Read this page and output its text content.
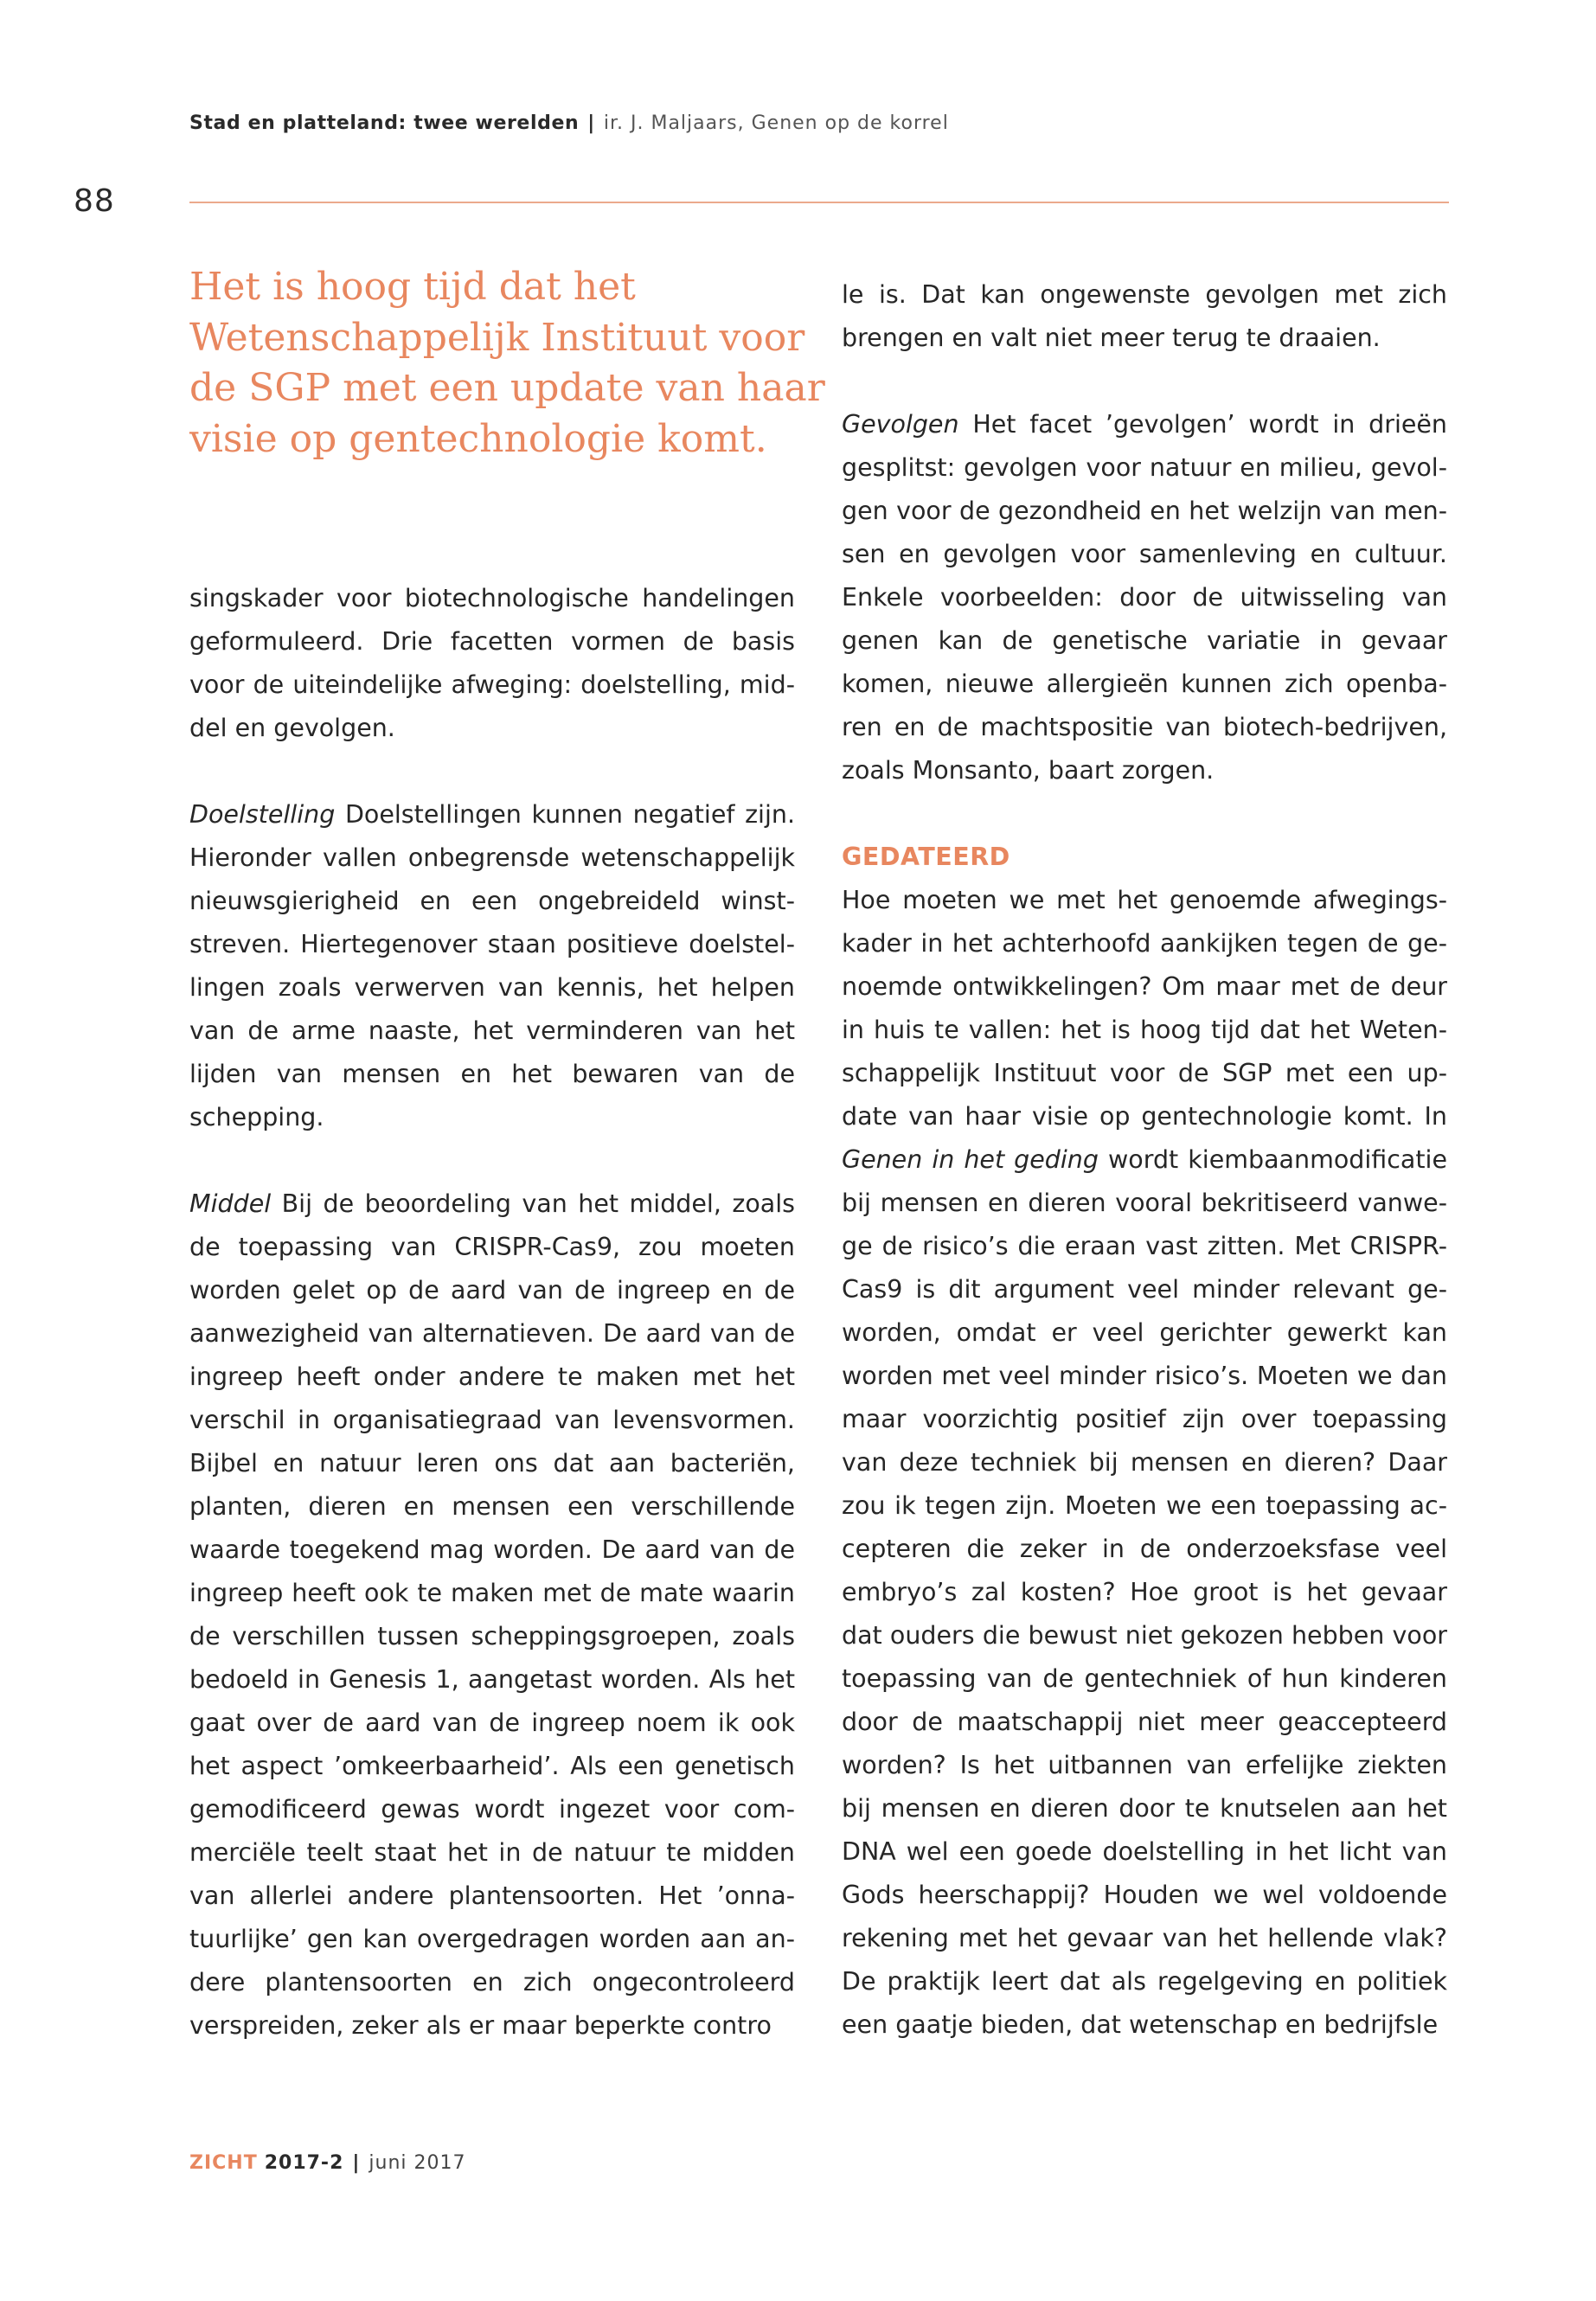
Stad en platteland: twee werelden | ir. J. Maljaars, Genen op de korrel
88
Het is hoog tijd dat het Wetenschappelijk Instituut voor de SGP met een update van haar visie op gentechnologie komt.

singskader voor biotechnologische handelingen geformuleerd. Drie facetten vormen de basis voor de uiteindelijke afweging: doelstelling, middel en gevolgen.

Doelstelling Doelstellingen kunnen negatief zijn. Hieronder vallen onbegrensde wetenschappelijk nieuwsgierigheid en een ongebreideld winststreven. Hiertegenover staan positieve doelstellingen zoals verwerven van kennis, het helpen van de arme naaste, het verminderen van het lijden van mensen en het bewaren van de schepping.

Middel Bij de beoordeling van het middel, zoals de toepassing van CRISPR-Cas9, zou moeten worden gelet op de aard van de ingreep en de aanwezigheid van alternatieven. De aard van de ingreep heeft onder andere te maken met het verschil in organisatiegraad van levensvormen. Bijbel en natuur leren ons dat aan bacteriën, planten, dieren en mensen een verschillende waarde toegekend mag worden. De aard van de ingreep heeft ook te maken met de mate waarin de verschillen tussen scheppingsgroepen, zoals bedoeld in Genesis 1, aangetast worden. Als het gaat over de aard van de ingreep noem ik ook het aspect ’omkeerbaarheid’. Als een genetisch gemodificeerd gewas wordt ingezet voor commerciële teelt staat het in de natuur te midden van allerlei andere plantensoorten. Het ’onnatuurlijke’ gen kan overgedragen worden aan andere plantensoorten en zich ongecontroleerd verspreiden, zeker als er maar beperkte contro

le is. Dat kan ongewenste gevolgen met zich brengen en valt niet meer terug te draaien.

Gevolgen Het facet ’gevolgen’ wordt in drieën gesplitst: gevolgen voor natuur en milieu, gevolgen voor de gezondheid en het welzijn van mensen en gevolgen voor samenleving en cultuur. Enkele voorbeelden: door de uitwisseling van genen kan de genetische variatie in gevaar komen, nieuwe allergieën kunnen zich openbaren en de machtspositie van biotech-bedrijven, zoals Monsanto, baart zorgen.

GEDATEERD

Hoe moeten we met het genoemde afwegingskader in het achterhoofd aankijken tegen de genoemde ontwikkelingen? Om maar met de deur in huis te vallen: het is hoog tijd dat het Wetenschappelijk Instituut voor de SGP met een update van haar visie op gentechnologie komt. In Genen in het geding wordt kiembaanmodificatie bij mensen en dieren vooral bekritiseerd vanwege de risico’s die eraan vast zitten. Met CRISPR-Cas9 is dit argument veel minder relevant geworden, omdat er veel gerichter gewerkt kan worden met veel minder risico’s. Moeten we dan maar voorzichtig positief zijn over toepassing van deze techniek bij mensen en dieren? Daar zou ik tegen zijn. Moeten we een toepassing accepteren die zeker in de onderzoeksfase veel embryo’s zal kosten? Hoe groot is het gevaar dat ouders die bewust niet gekozen hebben voor toepassing van de gentechniek of hun kinderen door de maatschappij niet meer geaccepteerd worden? Is het uitbannen van erfelijke ziekten bij mensen en dieren door te knutselen aan het DNA wel een goede doelstelling in het licht van Gods heerschappij? Houden we wel voldoende rekening met het gevaar van het hellende vlak? De praktijk leert dat als regelgeving en politiek een gaatje bieden, dat wetenschap en bedrijfsle

ZICHT 2017-2 | juni 2017
